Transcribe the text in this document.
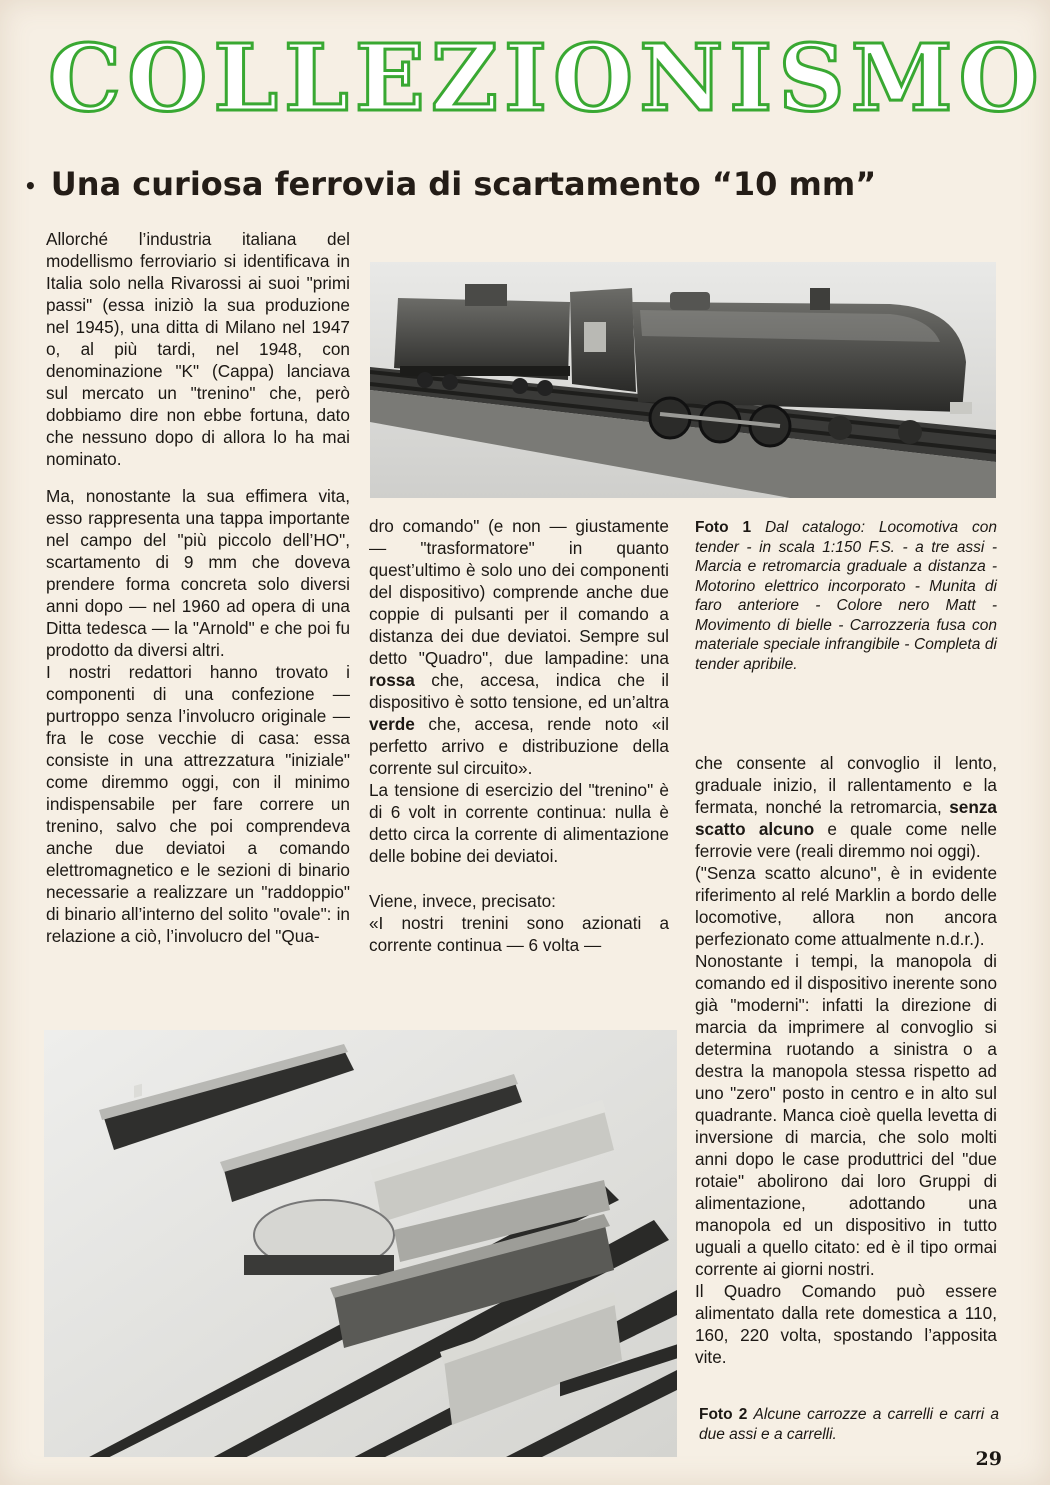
COLLEZIONISMO
• Una curiosa ferrovia di scartamento “10 mm”

Allorché l’industria italiana del modellismo ferroviario si identificava in Italia solo nella Rivarossi ai suoi "primi passi" (essa iniziò la sua produzione nel 1945), una ditta di Milano nel 1947 o, al più tardi, nel 1948, con denominazione "K" (Cappa) lanciava sul mercato un "trenino" che, però dobbiamo dire non ebbe fortuna, dato che nessuno dopo di allora lo ha mai nominato.

Ma, nonostante la sua effimera vita, esso rappresenta una tappa importante nel campo del "più piccolo dell’HO", scartamento di 9 mm che doveva prendere forma concreta solo diversi anni dopo — nel 1960 ad opera di una Ditta tedesca — la "Arnold" e che poi fu prodotto da diversi altri.
I nostri redattori hanno trovato i componenti di una confezione — purtroppo senza l’involucro originale — fra le cose vecchie di casa: essa consiste in una attrezzatura "iniziale" come diremmo oggi, con il minimo indispensabile per fare correre un trenino, salvo che poi comprendeva anche due deviatoi a comando elettromagnetico e le sezioni di binario necessarie a realizzare un "raddoppio" di binario all’interno del solito "ovale": in relazione a ciò, l’involucro del "Qua-

dro comando" (e non — giustamente — "trasformatore" in quanto quest’ultimo è solo uno dei componenti del dispositivo) comprende anche due coppie di pulsanti per il comando a distanza dei due deviatoi. Sempre sul detto "Quadro", due lampadine: una rossa che, accesa, indica che il dispositivo è sotto tensione, ed un’altra verde che, accesa, rende noto «il perfetto arrivo e distribuzione della corrente sul circuito».
La tensione di esercizio del "trenino" è di 6 volt in corrente continua: nulla è detto circa la corrente di alimentazione delle bobine dei deviatoi.

Viene, invece, precisato:

«I nostri trenini sono azionati a corrente continua — 6 volta —

Foto 1 Dal catalogo: Locomotiva con tender - in scala 1:150 F.S. - a tre assi - Marcia e retromarcia graduale a distanza - Motorino elettrico incorporato - Munita di faro anteriore - Colore nero Matt - Movimento di bielle - Carrozzeria fusa con materiale speciale infrangibile - Completa di tender apribile.

che consente al convoglio il lento, graduale inizio, il rallentamento e la fermata, nonché la retromarcia, senza scatto alcuno e quale come nelle ferrovie vere (reali diremmo noi oggi).
("Senza scatto alcuno", è in evidente riferimento al relé Marklin a bordo delle locomotive, allora non ancora perfezionato come attualmente n.d.r.).
Nonostante i tempi, la manopola di comando ed il dispositivo inerente sono già "moderni": infatti la direzione di marcia da imprimere al convoglio si determina ruotando a sinistra o a destra la manopola stessa rispetto ad uno "zero" posto in centro e in alto sul quadrante. Manca cioè quella levetta di inversione di marcia, che solo molti anni dopo le case produttrici del "due rotaie" abolirono dai loro Gruppi di alimentazione, adottando una manopola ed un dispositivo in tutto uguali a quello citato: ed è il tipo ormai corrente ai giorni nostri.
Il Quadro Comando può essere alimentato dalla rete domestica a 110, 160, 220 volta, spostando l’apposita vite.

Foto 2 Alcune carrozze a carrelli e carri a due assi e a carrelli.

29
